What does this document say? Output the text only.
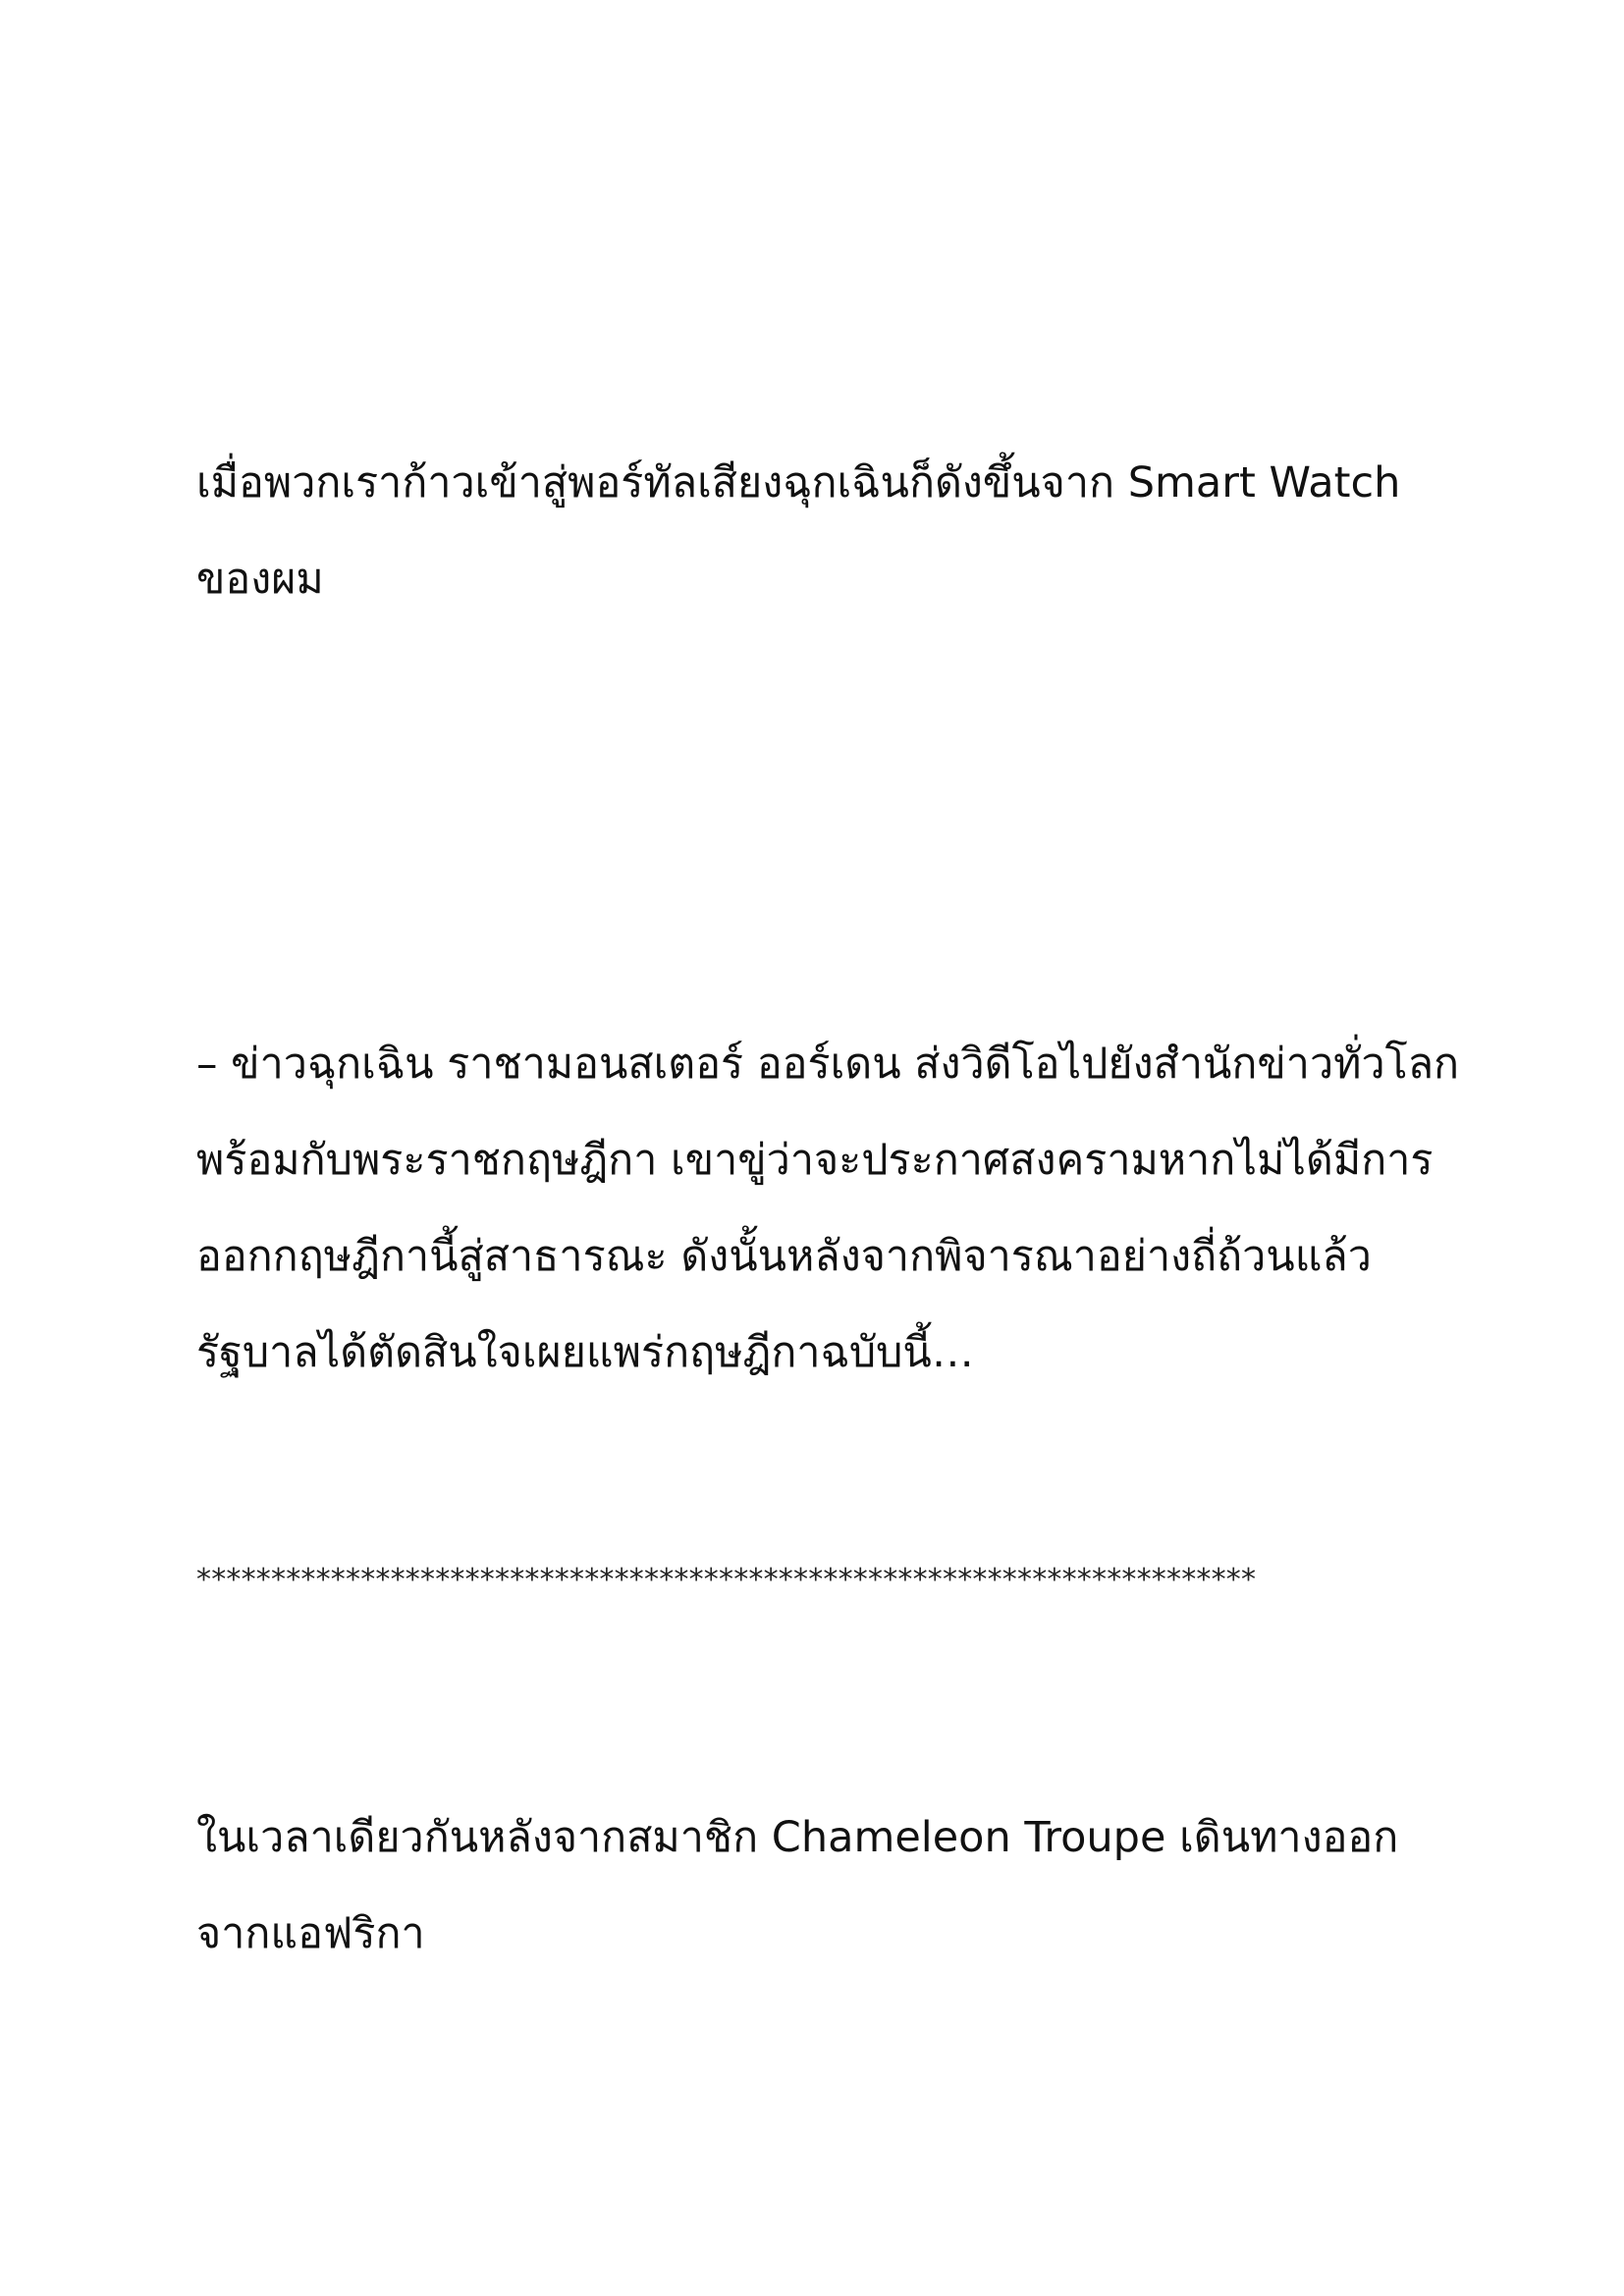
เมื่อพวกเราก้าวเข้าสู่พอร์ทัลเสียงฉุกเฉินก็ดังขึ้นจาก Smart Watch
ของผม
– ข่าวฉุกเฉิน ราชามอนสเตอร์ ออร์เดน ส่งวิดีโอไปยังสำนักข่าวทั่วโลก
พร้อมกับพระราชกฤษฎีกา เขาขู่ว่าจะประกาศสงครามหากไม่ได้มีการ
ออกกฤษฎีกานี้สู่สาธารณะ ดังนั้นหลังจากพิจารณาอย่างถี่ถ้วนแล้ว
รัฐบาลได้ตัดสินใจเผยแพร่กฤษฎีกาฉบับนี้…
***********************************************************************
ในเวลาเดียวกันหลังจากสมาชิก Chameleon Troupe เดินทางออก
จากแอฟริกา
